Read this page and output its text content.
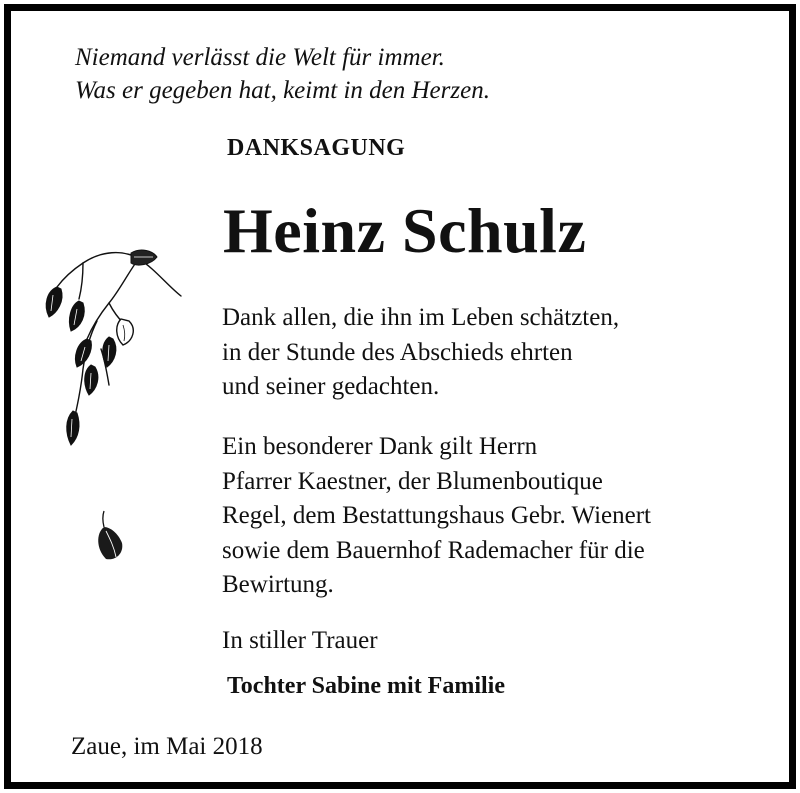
Niemand verlässt die Welt für immer.
Was er gegeben hat, keimt in den Herzen.
DANKSAGUNG
Heinz Schulz
Dank allen, die ihn im Leben schätzten,
in der Stunde des Abschieds ehrten
und seiner gedachten.
Ein besonderer Dank gilt Herrn
Pfarrer Kaestner, der Blumenboutique
Regel, dem Bestattungshaus Gebr. Wienert
sowie dem Bauernhof Rademacher für die
Bewirtung.
In stiller Trauer
Tochter Sabine mit Familie
Zaue, im Mai 2018
